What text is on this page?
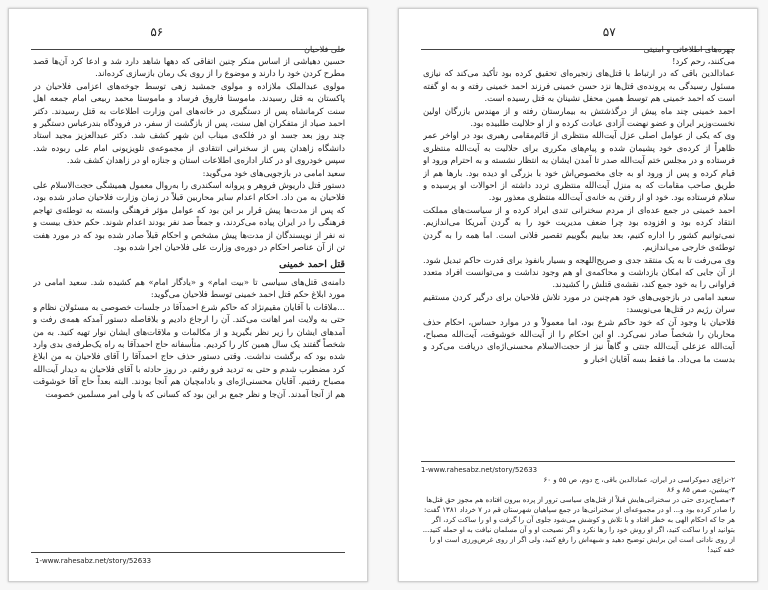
۵۶
علی فلاحیان

حسین دهیاشی از اساس منکر چنین اتفاقی که دهها شاهد دارد شد و ادعا کرد آن‌ها قصد مطرح کردن خود را دارند و موضوع را از روی یک رمان بازسازی کرده‌اند.

مولوی عبدالملک ملازاده و مولوی جمشید زهی توسط جوخه‌های اعزامی فلاحیان در پاکستان به قتل رسیدند. ماموستا فاروق فرساد و ماموستا محمد ربیعی امام جمعه اهل سنت کرمانشاه پس از دستگیری در خانه‌های امن وزارت اطلاعات به قتل رسیدند. دکتر احمد صیاد از متفکران اهل سنت، پس از بازگشت از سفر، در فرودگاه بندرعباس دستگیر و چند روز بعد جسد او در فلکه‌ی میناب این شهر کشف شد. دکتر عبدالعزیز مجید استاد دانشگاه زاهدان پس از سخنرانی انتقادی از مجموعه‌ی تلویزیونی امام علی ربوده شد. سپس خودروی او در کنار اداره‌ی اطلاعات استان و جنازه او در زاهدان کشف شد.

سعید امامی در بازجویی‌های خود می‌گوید:

دستور قتل داریوش فروهر و پروانه اسکندری را به‌روال معمول همیشگی حجت‌الاسلام علی فلاحیان به من داد. احکام اعدام سایر محاربین قبلاً در زمان وزارت فلاحیان صادر شده بود، که پس از مدت‌ها پیش قرار بر این بود که عوامل مؤثر فرهنگی وابسته به توطئه‌ی تهاجم فرهنگی را در ایران پیاده می‌کردند، و جمعاً صد نفر بودند اعدام شوند. حکم حذف بیست و نه نفر از نویسندگان از مدت‌ها پیش مشخص و احکام قبلاً صادر شده بود که در مورد هفت تن از آن عناصر احکام در دوره‌ی وزارت علی فلاحیان اجرا شده بود.

قتل احمد خمینی

دامنه‌ی قتل‌های سیاسی تا «بیت امام» و «یادگار امام» هم کشیده شد. سعید امامی در مورد ابلاغ حکم قتل احمد خمینی توسط فلاحیان می‌گوید:

...ملاقات با آقایان مقیم‌نژاد که حاکم شرع احمدآقا در جلسات خصوصی به مسئولان نظام و حتی به ولایت امر اهانت می‌کند. آن را ارجاع دادیم و بلافاصله دستور آمدکه همه‌ی رفت و آمدهای ایشان را زیر نظر بگیرید و از مکالمات و ملاقات‌های ایشان نوار تهیه کنید. به من شخصاً گفتند یک سال همین کار را کردیم. متأسفانه حاج احمدآقا به راه یک‌طرفه‌ی بدی وارد شده بود که برگشت نداشت. وقتی دستور حذف حاج احمدآقا را آقای فلاحیان به من ابلاغ کرد مضطرب شدم و حتی به تردید فرو رفتم. در روز حادثه با آقای فلاحیان به دیدار آیت‌الله مصباح رفتیم. آقایان محسنی‌اژه‌ای و بادامچیان هم آنجا بودند. البته بعداً حاج آقا خوشوقت هم از آنجا آمدند. آن‌جا و نظر جمع بر این بود که کسانی که با ولی امر مسلمین خصومت

1-www.rahesabz.net/story/52633
۵۷
چهره‌های اطلاعاتی و امنیتی

می‌کنند، رحم کرد!

عماد‌الدین باقی که در ارتباط با قتل‌های زنجیره‌ای تحقیق کرده بود تأکید می‌کند که نیازی مسئول رسیدگی به پرونده‌ی قتل‌ها نزد حسن خمینی فرزند احمد خمینی رفته و به او گفته است که احمد خمینی هم توسط همین محفل نشینان به قتل رسیده است.

احمد خمینی چند ماه پیش از درگذشتش به بیمارستان رفته و از مهندس بازرگان اولین نخست‌وزیر ایران و عضو نهضت آزادی عیادت کرده و از او حلالیت طلبیده بود.

وی که یکی از عوامل اصلی عزل آیت‌الله منتظری از قائم‌مقامی رهبری بود در اواخر عمر ظاهراً از کرده‌ی خود پشیمان شده و پیام‌های مکرری برای حلالیت به آیت‌الله منتظری فرستاده و در مجلس ختم آیت‌الله صدر تا آمدن ایشان به انتظار نشسته و به احترام ورود او قیام کرده و پس از ورود او به جای مخصوص‌اش خود با بزرگی او دیده بود. بارها هم از طریق صاحب مقامات که به منزل آیت‌الله منتظری تردد داشته از احوالات او پرسیده و سلام فرستاده بود. خود او از رفتن به خانه‌ی آیت‌الله منتظری معذور بود.

احمد خمینی در جمع عده‌ای از مردم سخنرانی تندی ایراد کرده و از سیاست‌های مملکت انتقاد کرده بود و افزوده بود چرا ضعف مدیریت خود را به گردن آمریکا می‌اندازیم. نمی‌توانیم کشور را اداره کنیم، بعد بیاییم بگوییم تقصیر فلانی است. اما همه را به گردن توطئه‌ی خارجی می‌اندازیم.

وی می‌رفت تا به یک منتقد جدی و صریح‌اللهجه و بسیار بانفوذ برای قدرت حاکم تبدیل شود. از آن جایی که امکان بازداشت و محاکمه‌ی او هم وجود نداشت و می‌توانست افراد متعدد فراوانی را به خود جمع کند، نقشه‌ی قتلش را کشیدند.

سعید امامی در بازجویی‌های خود هم‌چنین در مورد تلاش فلاحیان برای درگیر کردن مستقیم سران رژیم در قتل‌ها می‌نویسد:

فلاحیان با وجود آن که خود حاکم شرع بود، اما معمولاً و در موارد حساس، احکام حذف محاربان را شخصاً صادر نمی‌کرد. او این احکام را از آیت‌الله خوشوقت، آیت‌الله مصباح، آیت‌الله عزعلی آیت‌الله جنتی و گاهاً نیز از حجت‌الاسلام محسنی‌اژه‌ای دریافت می‌کرد و بدست ما می‌داد. ما فقط بسه آقایان اخبار و

1-www.rahesabz.net/story/52633
۲-نزاع‌ی دموکراسی در ایران، عماد‌الدین باقی، ج دوم، ص ۵۵ و ۶۰
۳-پیشین، صص ۸۵ و ۸۶
۴-مصباح‌یزدی حتی در سخنرانی‌هایش قبلاً از قتل‌های سیاسی ترور از پرده بیرون افتاده هم مجوز حق قتل‌ها را صادر کرده بود و... او در مجموعه‌ای از سخنرانی‌ها در جمع سپاهیان شهرستان قم در ۷ خرداد ۱۳۸۱ گفت: هر جا که احکام الهی به خطر افتاد و با تلاش و کوشش می‌شود جلوی آن را گرفت و او را ساکت کرد، اگر بتوانید او را ساکت کنید، اگر او روش خود را رها نکرد و اگر نصیحت او و آن مسلمان نیافت به او حمله کنید...
از روی نادانی است این برایش توضیح دهید و شبهه‌اش را رفع کنید، ولی اگر از روی غرض‌ورزی است او را خفه کنید!
